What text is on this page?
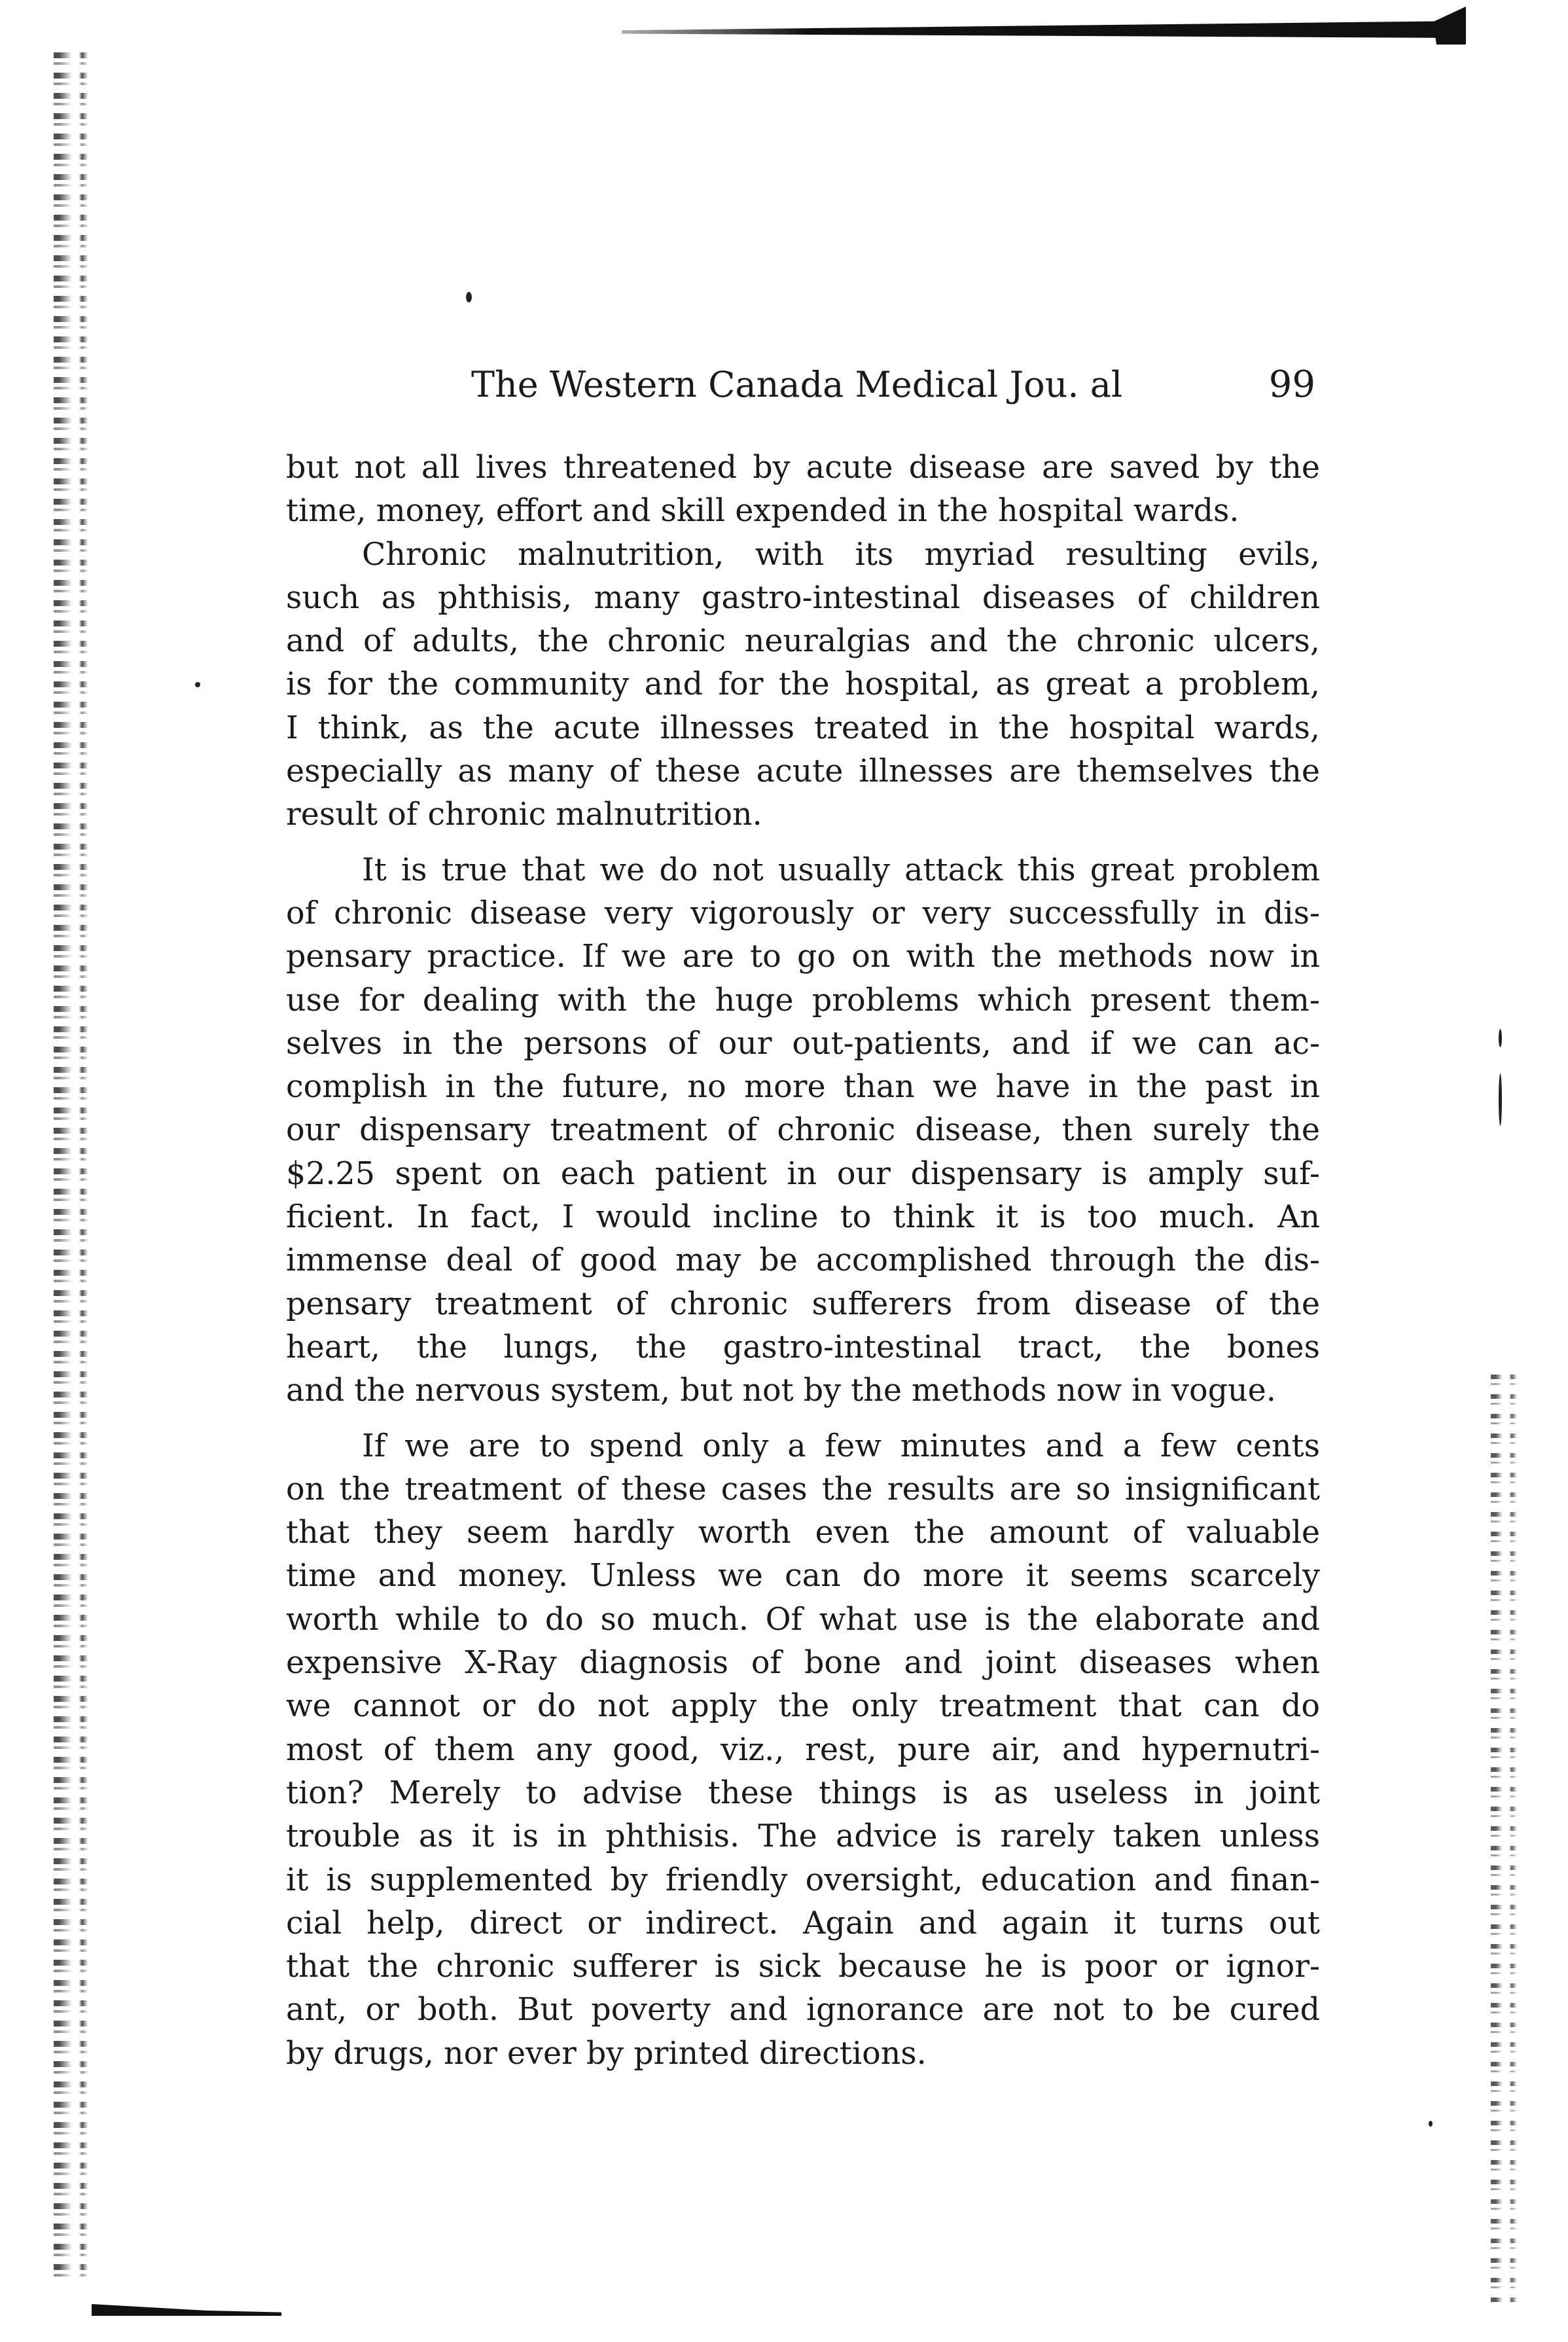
The Western Canada Medical Jou. al	99
but not all lives threatened by acute disease are saved by the
time, money, effort and skill expended in the hospital wards.
Chronic malnutrition, with its myriad resulting evils,
such as phthisis, many gastro-intestinal diseases of children
and of adults, the chronic neuralgias and the chronic ulcers,
is for the community and for the hospital, as great a problem,
I think, as the acute illnesses treated in the hospital wards,
especially as many of these acute illnesses are themselves the
result of chronic malnutrition.
It is true that we do not usually attack this great problem
of chronic disease very vigorously or very successfully in dis-
pensary practice. If we are to go on with the methods now in
use for dealing with the huge problems which present them-
selves in the persons of our out-patients, and if we can ac-
complish in the future, no more than we have in the past in
our dispensary treatment of chronic disease, then surely the
$2.25 spent on each patient in our dispensary is amply suf-
ficient. In fact, I would incline to think it is too much. An
immense deal of good may be accomplished through the dis-
pensary treatment of chronic sufferers from disease of the
heart, the lungs, the gastro-intestinal tract, the bones
and the nervous system, but not by the methods now in vogue.
If we are to spend only a few minutes and a few cents
on the treatment of these cases the results are so insignificant
that they seem hardly worth even the amount of valuable
time and money. Unless we can do more it seems scarcely
worth while to do so much. Of what use is the elaborate and
expensive X-Ray diagnosis of bone and joint diseases when
we cannot or do not apply the only treatment that can do
most of them any good, viz., rest, pure air, and hypernutri-
tion? Merely to advise these things is as useless in joint
trouble as it is in phthisis. The advice is rarely taken unless
it is supplemented by friendly oversight, education and finan-
cial help, direct or indirect. Again and again it turns out
that the chronic sufferer is sick because he is poor or ignor-
ant, or both. But poverty and ignorance are not to be cured
by drugs, nor ever by printed directions.
